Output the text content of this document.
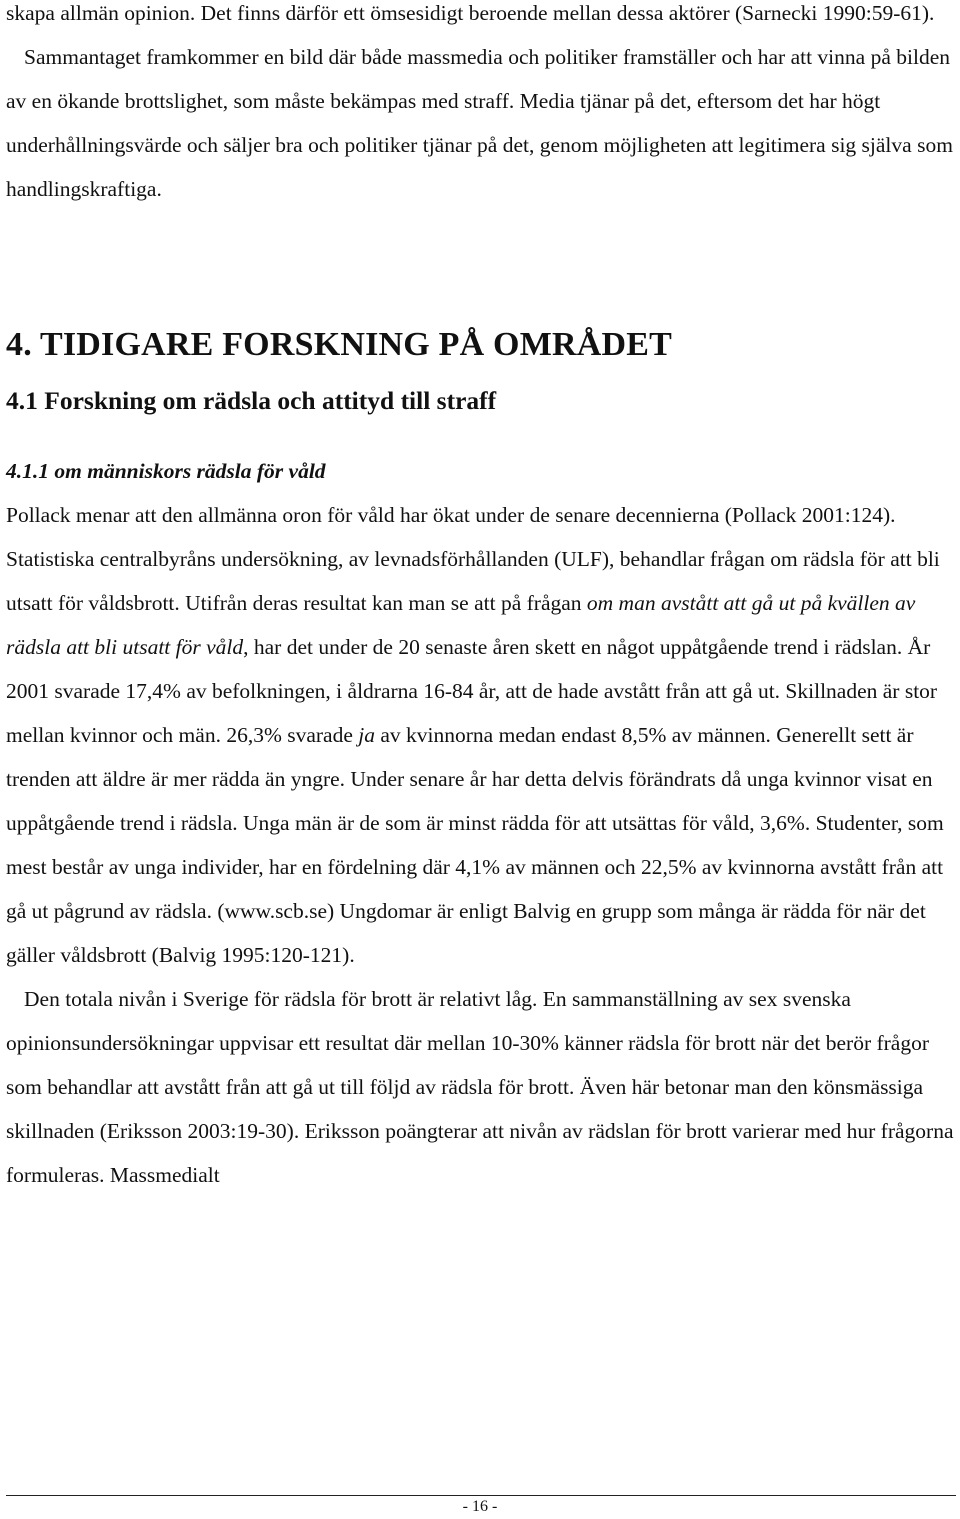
skapa allmän opinion. Det finns därför ett ömsesidigt beroende mellan dessa aktörer (Sarnecki 1990:59-61).

Sammantaget framkommer en bild där både massmedia och politiker framställer och har att vinna på bilden av en ökande brottslighet, som måste bekämpas med straff. Media tjänar på det, eftersom det har högt underhållningsvärde och säljer bra och politiker tjänar på det, genom möjligheten att legitimera sig själva som handlingskraftiga.

4. TIDIGARE FORSKNING PÅ OMRÅDET
4.1 Forskning om rädsla och attityd till straff
4.1.1 om människors rädsla för våld

Pollack menar att den allmänna oron för våld har ökat under de senare decennierna (Pollack 2001:124). Statistiska centralbyråns undersökning, av levnadsförhållanden (ULF), behandlar frågan om rädsla för att bli utsatt för våldsbrott. Utifrån deras resultat kan man se att på frågan om man avstått att gå ut på kvällen av rädsla att bli utsatt för våld, har det under de 20 senaste åren skett en något uppåtgående trend i rädslan. År 2001 svarade 17,4% av befolkningen, i åldrarna 16-84 år, att de hade avstått från att gå ut. Skillnaden är stor mellan kvinnor och män. 26,3% svarade ja av kvinnorna medan endast 8,5% av männen. Generellt sett är trenden att äldre är mer rädda än yngre. Under senare år har detta delvis förändrats då unga kvinnor visat en uppåtgående trend i rädsla. Unga män är de som är minst rädda för att utsättas för våld, 3,6%. Studenter, som mest består av unga individer, har en fördelning där 4,1% av männen och 22,5% av kvinnorna avstått från att gå ut pågrund av rädsla. (www.scb.se) Ungdomar är enligt Balvig en grupp som många är rädda för när det gäller våldsbrott (Balvig 1995:120-121).

Den totala nivån i Sverige för rädsla för brott är relativt låg. En sammanställning av sex svenska opinionsundersökningar uppvisar ett resultat där mellan 10-30% känner rädsla för brott när det berör frågor som behandlar att avstått från att gå ut till följd av rädsla för brott. Även här betonar man den könsmässiga skillnaden (Eriksson 2003:19-30). Eriksson poängterar att nivån av rädslan för brott varierar med hur frågorna formuleras. Massmedialt

- 16 -
